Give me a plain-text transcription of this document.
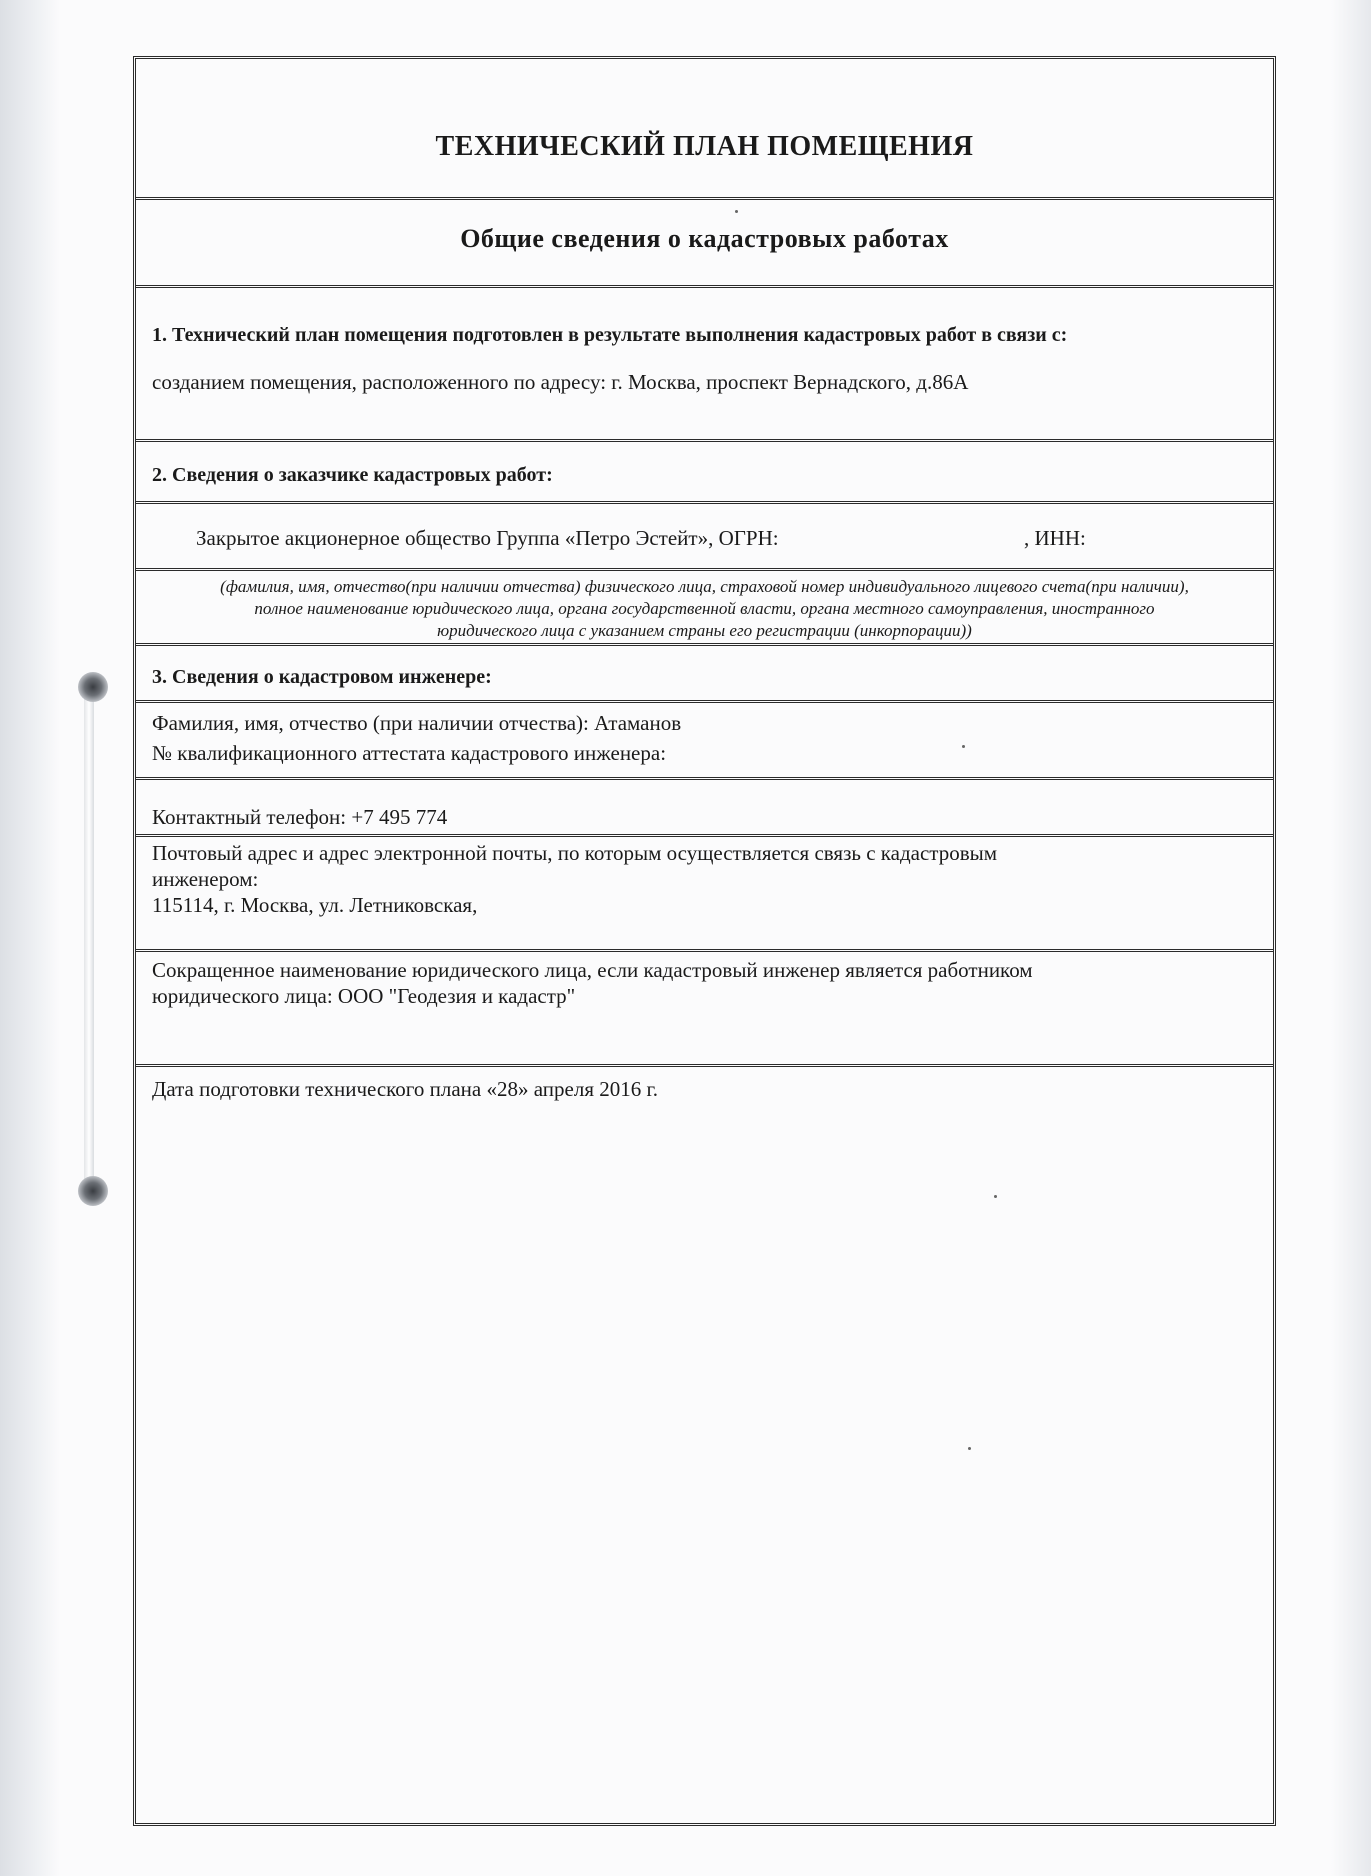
ТЕХНИЧЕСКИЙ ПЛАН ПОМЕЩЕНИЯ
Общие сведения о кадастровых работах
1. Технический план помещения подготовлен в результате выполнения кадастровых работ в связи с:
созданием помещения, расположенного по адресу: г. Москва, проспект Вернадского, д.86А
2. Сведения о заказчике кадастровых работ:
Закрытое акционерное общество Группа «Петро Эстейт», ОГРН:	, ИНН:
(фамилия, имя, отчество(при наличии отчества) физического лица, страховой номер индивидуального лицевого счета(при наличии),
полное наименование юридического лица, органа государственной власти, органа местного самоуправления, иностранного
юридического лица с указанием страны его регистрации (инкорпорации))
3. Сведения о кадастровом инженере:
Фамилия, имя, отчество (при наличии отчества): Атаманов
№ квалификационного аттестата кадастрового инженера:
Контактный телефон: +7 495 774
Почтовый адрес и адрес электронной почты, по которым осуществляется связь с кадастровым
инженером:
115114, г. Москва, ул. Летниковская,
Сокращенное наименование юридического лица, если кадастровый инженер является работником
юридического лица: ООО "Геодезия и кадастр"
Дата подготовки технического плана «28» апреля 2016 г.
